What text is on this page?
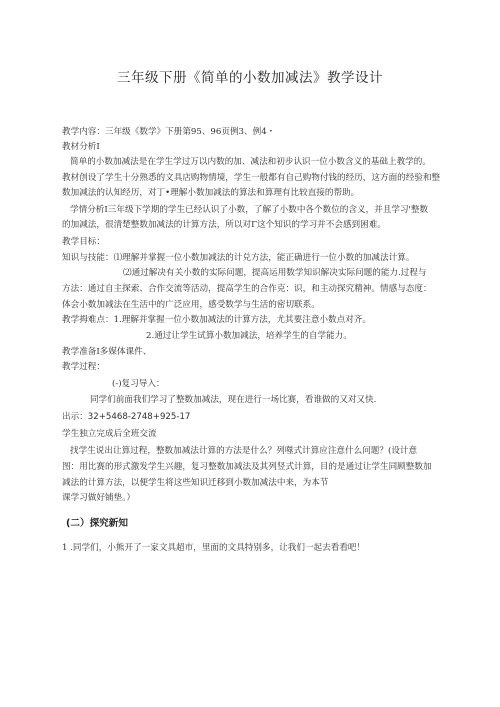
三年级下册《简单的小数加减法》教学设计
教学内容：三年级《数学》下册第95、96页例3、例4・
教材分析I
简单的小数加减法是在学生学过万以内数的加、减法和初步认识一位小数含义的基础上教学的。
教材创设了学生十分熟悉的文具店购物情境，学生一般都有自己购物付钱的经历，这方面的经验和整
数加减法的认知经历，对丁•理解小数加减法的算法和算理有比较直接的帮助。
学情分析I三年级下学期的学生已经认识了小数，了解了小数中各个数位的含义，并且学习'整数
的加减法，很清楚整数加减法的计算方法，所以对Γ这个知识的学习并不会感到困难。
教学目标：
知识与技能：⑴理解并掌握一位小数加减法的计兑方法，能正确进行一位小数的加减法计算。
⑵通过解决有关小数的实际问题，提高运用数学知识解决实际问题的能力.过程与
方法：通过自主探索、合作交流等活动，提高学生的合作克：识，和主动探究精神。情感与态度：
体会小数加减法在生活中的广泛应用，感受数学与生活的密切联系。
教学拇难点：1.理解并掌握一位小数加减法的计算方法，尤其要注意小数点对齐。
2.通过让学生试算小数加减法，培养学生的自学能力。
教学准备I多媒体课件、
教学过程：
(-)复习导入：
同学们前面我们学习了整数加减法，现在进行一场比赛，看谁做的又对又快.
出示：32+5468-2748+925-17
学生独立完成后全班交流
找学生说出让算过程，整数加减法计算的方法是什么？列噬式计算应注意什么问题？(设计意
图：用比赛的形式激发学生兴趣，复习整数加减法及其列竖式计算，目的是通过让学生同顾整数加
减法的计算方法，以便学生将这些知识迁移到小数加减法中来，为本节
课学习做好铺垫。）
(二）探究新知
1 .同学们，小熊开了一家文具超市，里面的文具特别多，让我们一起去看看吧！
